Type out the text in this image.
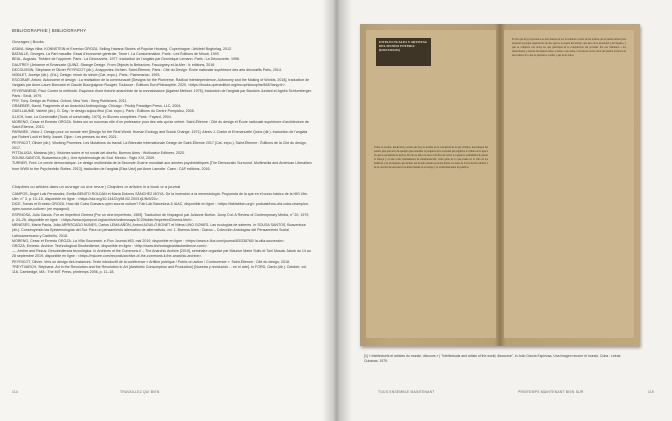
BIBLIOGRAPHIE | BIBLIOGRAPHY

Ouvrages | Books

ASAVA, Mays Hiba. KONNSTEIN et Emerico OROZA. Selling Havana Stories of Popular Housing. Copenhague : Arkitekt Bogforlag, 2012.

BATAILLE, Georges. La Part maudite. Essai d'économie générale. Tome I. La Consommation. Paris : Les Éditions de Minuit, 1949.

BEAL, Augusto. Théâtre de l'opprimé. Paris : La Découverte. 1977. traduction de l'anglais par Dominique Lemann. Paris : La Découverte. 1996.

DAUTREY (Jehanne et Emanuele QUINZ. Strange Design. From Objects to Behaviors. Faucogney-et-la-Mer : it: éditions, 2016.

DECOUSSIN, Stéphane et Olivier PEYRICOT (dir.). Anapportez-Vichien. Saint-Étienne, Paris : Cité du Design. École nationale supérieure des arts décoratifs Paris, 2014.

NOBLET, Jocelyn (dir.). (Ed.). Design. miroir du siècle (Cat. expo.). Paris : Flammarion, 1993.

ESCOBAR, Arturo. Autonomie et design : La réalisation de la communauté [Designs for the Pluriverse. Radical Interdependence, Autonomy and the Making of Worlds. 2018], traduction de l'anglais par Anne-Laure Bonvalot et Claude Bourguignon Rougier. Toulouse : Éditions EuroPhilosophie, 2020. <https://books.openedition.org/europhilosophie/848?lang=fr>.

FEYERABEND, Paul. Contre la méthode. Esquisse d'une théorie anarchiste de la connaissance [Against Method. 1975], traduction de l'anglais par Baudoin Jurdant et Agnès Schlumberger. Paris : Seuil, 1979.

FRY, Tony. Design as Politics. Oxford, New York : Berg Publishers, 2011.

GRAEBER, David. Fragments of an Anarchist Anthropology. Chicago : Prickly Paradigm Press, LLC, 2004.

GUELLAUME, Valérie (dir.). D. Day : le design aujourd'hui (Cat. expo.). Paris : Éditions du Centre Pompidou, 2005.

ILLICH, Ivan. La Convivialité [Tools of conviviality. 1973]. in Œuvres complètes. Paris : Fayard, 2004.

MORENO, Cesar et Ernesto OROZA. Notes sur un nouveau rôle d'un professeur pour des arts qui se créent. Saint-Étienne : Cité du design et École nationale supérieure d'architecture de Saint-Étienne, 2013.

PAPANEK, Victor J. Design pour un monde réel [Design for the Real World. Human Ecology and Social Change. 1971]. Alexis J. Clarke et Emmanuelle Quinz (dir.). traduction de l'anglais par Robert Louit et Nelly Josset. Dijon : Les presses du réel, 2021.

PEYRICOT, Olivier (dir.). Working Promises. Les Mutations du travail. La Biennale Internationale Design de Saint-Étienne 2017 (Cat. expo.). Saint-Étienne : Éditions de la Cité du design, 2017.

PITTALUGA, Mariana (dir.). Visiones sobre el rol social del diseño. Buenos Aires : Wolkowicz Editores, 2020.

SOUSA SANTOS, Boaventura (dir.). Une épistémologie du Sud. Mexico : Siglo XXI, 2009.

TURNER, Fred. Le cercle démocratique. Le design multimédia de la Seconde Guerre mondiale aux années psychédéliques [The Democratic Surround. Multimedia and American Liberalism from WWII to the Psychedelic Sixties. 2013], traduction de l'anglais [Elsa Urtz] par Anne Lamotte. Caen : C&F éditions, 2016.

Chapitres ou articles dans un ouvrage ou une revue | Chapters or articles in a book or a journal

CAMPOS, Ángel Luis Fernández, Emilia BENITO ROLDÁN et María Dolores SÁNCHEZ MOYA. De la invención a la menestología. Propuesta de la que en el curso básico de la HfG Ulm. Ulm, n° 3, p. 10–15, disponible en ligne : <https://doi.org/10.14422/y98.i02.2003.tj1/fb/0/20>.

DICE, Tomas et Ernesto OROZA. How did Cuba Guevara open source culture? Fab Lab Barcelona & IAAC, disponible en ligne : <https://fablabbcn.org/> podcast/how-did-cuba-champion-open-source-culture> (en espagnol).

ESPINOSA, Julio García. For an Imperfect Cinema [Por un cine imperfecto, 1969]. Traduction de l'espagnol par Julianne Burton. Jump Cut: A Review of Contemporary Media, n° 20, 1979, p. 24–26, disponible en ligne : <https://www.ejumpcut.org/archive/onlinessays/JC20folder/ImperfectCinema.html>.

MENESES, María Paula, João ARRISCADO NUNES, Carlos LEMA AÑÓN, Antoni AGUILÓ BONET et Nilma LINO GOMES. Las ecologías de saberes. In SOUSA SANTOS, Boaventura (dir.). Construyendo las Epistemologías del Sur. Para un pensamiento alternativo de alternativas, vol. 1. Buenos Aires : Clacso – Colección Antologías del Pensamiento Social Latinoamericano y Caribeño, 2018.

MORENO, Cesar et Ernesto OROZA. La Villa Souverain. e-Flux Journal #63, mai 2019, disponible en ligne : <https://www.e-flux.com/journal/83/338760/ la-villa-souverain>.

OROZA, Ernesto. Archive. Technological Disobedience, disponible en ligne : <http://www.technologicaldisobedience.com/>.

—. Arrière and Rezus. Desobediencia tecnológica. In Archives of the Commons II – The Anarchic Archive [2019], séminaire organisé par Maurice Marie Sulfo et Toni Mosaic Jakob du 14 au 28 septembre 2019, disponible en ligne : <https://miccee.com/records/archive-of-the-commons-ii-the-anarchic-archive>.

PEYRICOT, Olivier. Vers un design des instances. Texte introductif de la conférence « Artifice publique / Public on action / Controversie ». Saint-Étienne : Cité du design, 2018.

TREYTVARCH, Stéphane. Art in the Revolution and the Revolution in Art (Aesthetic Consumption and Production) [Nuestra y revolución ... en el arte]. In FORD, Gavin (dir.). October, vol. 118. Cambridge, MA : The MIT Press, printemps 2006, p. 11–18.

114	TRAVAILLEZ QUI BIEN	TOUS ENSEMBLE MAINTENANT	PRINTEMPS MAINTENANT BIEN SUR	115
INTELECTUALES Y ARTISTAS DEL MUNDO ENTERO: (DISCURSOS)
Todos el escritor, intelectual y artista que hoy se levanta en la conciencia de la que vivimos, una imagen del pueblo para que sirva de ejemplo para entender la pregunta de la sociedad que significa la cultura en la época en que se encontraba la nación. En ello se ubica la tarea colectiva de volver a la gente la posibilidad de pensar el trabajo y el arte como instrumentos de transformación, como parte de lo que existe en la vida de los hombres y de las mujeres que luchan. Así ha sido nuestra posición frente a la tarea de la revolución cultural y de la creación de una nueva sociedad basada en el trabajo y la solidaridad entre los pueblos.
El arte que hoy proponemos es una manera de ver la realidad a través de las formas que el pueblo utiliza para expresar su propia experiencia; un arte que no se separa del trabajo, que nace de la necesidad y del ingenio, y que se comparte con todos los que participan en la construcción del porvenir. Por eso llamamos a los intelectuales y artistas del mundo entero a unirse a esta tarea, a reconocer en las obras del pueblo la fuerza de una cultura viva que no pertenece a nadie y que es de todos.
[1] « Intellectuels et artistes du monde, discours » | "Intellectuals and artists of the world, discourse", in Julio García Espinosa, Una imagen recorre el mundo. Cuba : Letras Cubanas, 1979.
